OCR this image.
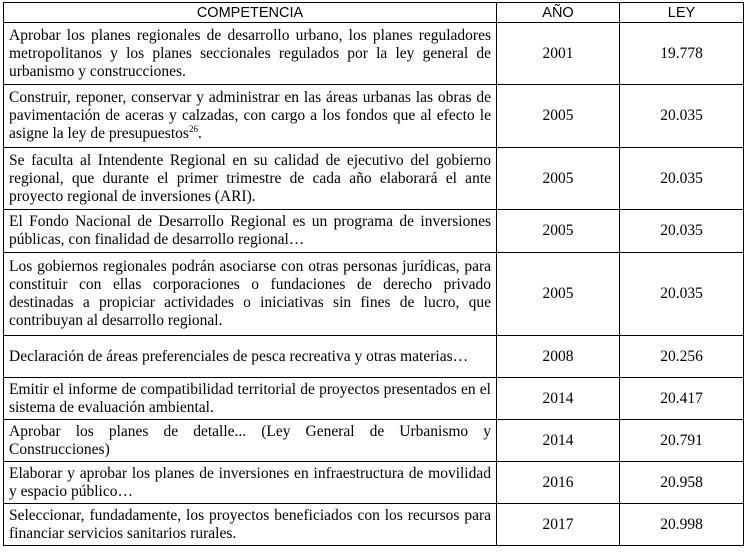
COMPETENCIA	AÑO	LEY
Aprobar los planes regionales de desarrollo urbano, los planes reguladores metropolitanos y los planes seccionales regulados por la ley general de urbanismo y construcciones.	2001	19.778
Construir, reponer, conservar y administrar en las áreas urbanas las obras de pavimentación de aceras y calzadas, con cargo a los fondos que al efecto le asigne la ley de presupuestos$^{26}$.	2005	20.035
Se faculta al Intendente Regional en su calidad de ejecutivo del gobierno regional, que durante el primer trimestre de cada año elaborará el ante proyecto regional de inversiones (ARI).	2005	20.035
El Fondo Nacional de Desarrollo Regional es un programa de inversiones públicas, con finalidad de desarrollo regional…	2005	20.035
Los gobiernos regionales podrán asociarse con otras personas jurídicas, para constituir con ellas corporaciones o fundaciones de derecho privado destinadas a propiciar actividades o iniciativas sin fines de lucro, que contribuyan al desarrollo regional.	2005	20.035
Declaración de áreas preferenciales de pesca recreativa y otras materias…	2008	20.256
Emitir el informe de compatibilidad territorial de proyectos presentados en el sistema de evaluación ambiental.	2014	20.417
Aprobar los planes de detalle... (Ley General de Urbanismo y Construcciones)	2014	20.791
Elaborar y aprobar los planes de inversiones en infraestructura de movilidad y espacio público…	2016	20.958
Seleccionar, fundadamente, los proyectos beneficiados con los recursos para financiar servicios sanitarios rurales.	2017	20.998
